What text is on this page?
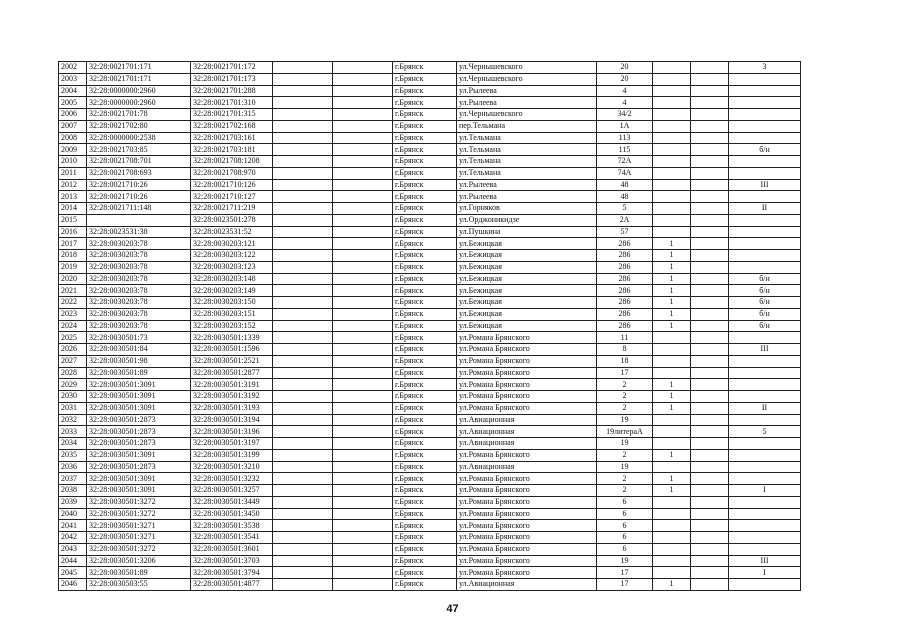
2002	32:28:0021701:171	32:28:0021701:172			г.Брянск	ул.Чернышевского	20			3
2003	32:28:0021701:171	32:28:0021701:173			г.Брянск	ул.Чернышевского	20			
2004	32:28:0000000:2960	32:28:0021701:288			г.Брянск	ул.Рылеева	4			
2005	32:28:0000000:2960	32:28:0021701:310			г.Брянск	ул.Рылеева	4			
2006	32:28:0021701:78	32:28:0021701:315			г.Брянск	ул.Чернышевского	34/2			
2007	32:28:0021702:80	32:28:0021702:168			г.Брянск	пер.Тельмана	1А			
2008	32:28:0000000:2538	32:28:0021703:161			г.Брянск	ул.Тельмана	113			
2009	32:28:0021703:85	32:28:0021703:181			г.Брянск	ул.Тельмана	115			б/н
2010	32:28:0021708:701	32:28:0021708:1208			г.Брянск	ул.Тельмана	72А			
2011	32:28:0021708:693	32:28:0021708:970			г.Брянск	ул.Тельмана	74А			
2012	32:28:0021710:26	32:28:0021710:126			г.Брянск	ул.Рылеева	48			III
2013	32:28:0021710:26	32:28:0021710:127			г.Брянск	ул.Рылеева	48			
2014	32:28:0021711:148	32:28:0021711:219			г.Брянск	ул.Горняков	5			II
2015		32:28:0023501:278			г.Брянск	ул.Орджоникидзе	2А			
2016	32:28:0023531:38	32:28:0023531:52			г.Брянск	ул.Пушкина	57			
2017	32:28:0030203:78	32:28:0030203:121			г.Брянск	ул.Бежицкая	286	1		
2018	32:28:0030203:78	32:28:0030203:122			г.Брянск	ул.Бежицкая	286	1		
2019	32:28:0030203:78	32:28:0030203:123			г.Брянск	ул.Бежицкая	286	1		
2020	32:28:0030203:78	32:28:0030203:148			г.Брянск	ул.Бежицкая	286	1		б/н
2021	32:28:0030203:78	32:28:0030203:149			г.Брянск	ул.Бежицкая	286	1		б/н
2022	32:28:0030203:78	32:28:0030203:150			г.Брянск	ул.Бежицкая	286	1		б/н
2023	32:28:0030203:78	32:28:0030203:151			г.Брянск	ул.Бежицкая	286	1		б/н
2024	32:28:0030203:78	32:28:0030203:152			г.Брянск	ул.Бежицкая	286	1		б/н
2025	32:28:0030501:73	32:28:0030501:1339			г.Брянск	ул.Романа Брянского	11			
2026	32:28:0030501:84	32:28:0030501:1596			г.Брянск	ул.Романа Брянского	8			III
2027	32:28:0030501:98	32:28:0030501:2521			г.Брянск	ул.Романа Брянского	18			
2028	32:28:0030501:89	32:28:0030501:2877			г.Брянск	ул.Романа Брянского	17			
2029	32:28:0030501:3091	32:28:0030501:3191			г.Брянск	ул.Романа Брянского	2	1		
2030	32:28:0030501:3091	32:28:0030501:3192			г.Брянск	ул.Романа Брянского	2	1		
2031	32:28:0030501:3091	32:28:0030501:3193			г.Брянск	ул.Романа Брянского	2	1		II
2032	32:28:0030501:2873	32:28:0030501:3194			г.Брянск	ул.Авиационная	19			
2033	32:28:0030501:2873	32:28:0030501:3196			г.Брянск	ул.Авиационная	19литераА			5
2034	32:28:0030501:2873	32:28:0030501:3197			г.Брянск	ул.Авиационная	19			
2035	32:28:0030501:3091	32:28:0030501:3199			г.Брянск	ул.Романа Брянского	2	1		
2036	32:28:0030501:2873	32:28:0030501:3210			г.Брянск	ул.Авиационная	19			
2037	32:28:0030501:3091	32:28:0030501:3232			г.Брянск	ул.Романа Брянского	2	1		
2038	32:28:0030501:3091	32:28:0030501:3257			г.Брянск	ул.Романа Брянского	2	1		I
2039	32:28:0030501:3272	32:28:0030501:3449			г.Брянск	ул.Романа Брянского	6			
2040	32:28:0030501:3272	32:28:0030501:3450			г.Брянск	ул.Романа Брянского	6			
2041	32:28:0030501:3271	32:28:0030501:3538			г.Брянск	ул.Романа Брянского	6			
2042	32:28:0030501:3271	32:28:0030501:3541			г.Брянск	ул.Романа Брянского	6			
2043	32:28:0030501:3272	32:28:0030501:3601			г.Брянск	ул.Романа Брянского	6			
2044	32:28:0030501:3206	32:28:0030501:3703			г.Брянск	ул.Романа Брянского	19			III
2045	32:28:0030501:89	32:28:0030501:3794			г.Брянск	ул.Романа Брянского	17			I
2046	32:28:0030503:55	32:28:0030501:4877			г.Брянск	ул.Авиационная	17	1		
47
